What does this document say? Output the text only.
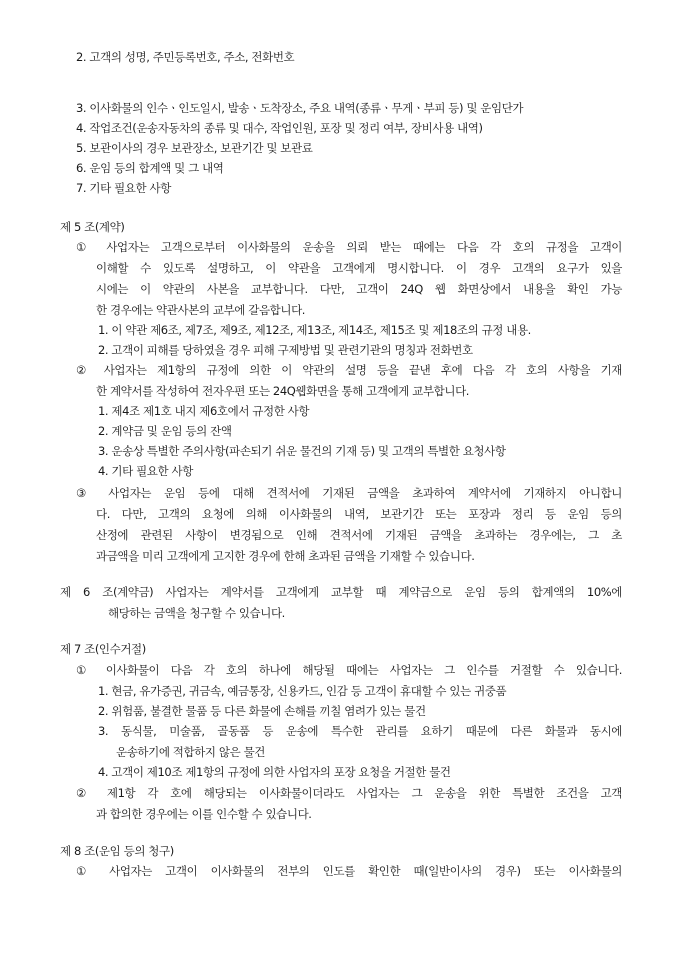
2. 고객의 성명, 주민등록번호, 주소, 전화번호
3. 이사화물의 인수ㆍ인도일시, 발송ㆍ도착장소, 주요 내역(종류ㆍ무게ㆍ부피 등) 및 운임단가
4. 작업조건(운송자동차의 종류 및 대수, 작업인원, 포장 및 정리 여부, 장비사용 내역)
5. 보관이사의 경우 보관장소, 보관기간 및 보관료
6. 운임 등의 합계액 및 그 내역
7. 기타 필요한 사항
제 5 조(계약)
① 사업자는 고객으로부터 이사화물의 운송을 의뢰 받는 때에는 다음 각 호의 규정을 고객이
이해할 수 있도록 설명하고, 이 약관을 고객에게 명시합니다. 이 경우 고객의 요구가 있을
시에는 이 약관의 사본을 교부합니다. 다만, 고객이 24Q 웹 화면상에서 내용을 확인 가능
한 경우에는 약관사본의 교부에 갈음합니다.
1. 이 약관 제6조, 제7조, 제9조, 제12조, 제13조, 제14조, 제15조 및 제18조의 규정 내용.
2. 고객이 피해를 당하였을 경우 피해 구제방법 및 관련기관의 명칭과 전화번호
② 사업자는 제1항의 규정에 의한 이 약관의 설명 등을 끝낸 후에 다음 각 호의 사항을 기재
한 계약서를 작성하여 전자우편 또는 24Q웹화면을 통해 고객에게 교부합니다.
1. 제4조 제1호 내지 제6호에서 규정한 사항
2. 계약금 및 운임 등의 잔액
3. 운송상 특별한 주의사항(파손되기 쉬운 물건의 기재 등) 및 고객의 특별한 요청사항
4. 기타 필요한 사항
③ 사업자는 운임 등에 대해 견적서에 기재된 금액을 초과하여 계약서에 기재하지 아니합니
다. 다만, 고객의 요청에 의해 이사화물의 내역, 보관기간 또는 포장과 정리 등 운임 등의
산정에 관련된 사항이 변경됨으로 인해 견적서에 기재된 금액을 초과하는 경우에는, 그 초
과금액을 미리 고객에게 고지한 경우에 한해 초과된 금액을 기재할 수 있습니다.
제 6 조(계약금) 사업자는 계약서를 고객에게 교부할 때 계약금으로 운임 등의 합계액의 10%에
해당하는 금액을 청구할 수 있습니다.
제 7 조(인수거절)
① 이사화물이 다음 각 호의 하나에 해당될 때에는 사업자는 그 인수를 거절할 수 있습니다.
1. 현금, 유가증권, 귀금속, 예금통장, 신용카드, 인감 등 고객이 휴대할 수 있는 귀중품
2. 위험품, 불결한 물품 등 다른 화물에 손해를 끼칠 염려가 있는 물건
3. 동식물, 미술품, 골동품 등 운송에 특수한 관리를 요하기 때문에 다른 화물과 동시에
운송하기에 적합하지 않은 물건
4. 고객이 제10조 제1항의 규정에 의한 사업자의 포장 요청을 거절한 물건
② 제1항 각 호에 해당되는 이사화물이더라도 사업자는 그 운송을 위한 특별한 조건을 고객
과 합의한 경우에는 이를 인수할 수 있습니다.
제 8 조(운임 등의 청구)
① 사업자는 고객이 이사화물의 전부의 인도를 확인한 때(일반이사의 경우) 또는 이사화물의
